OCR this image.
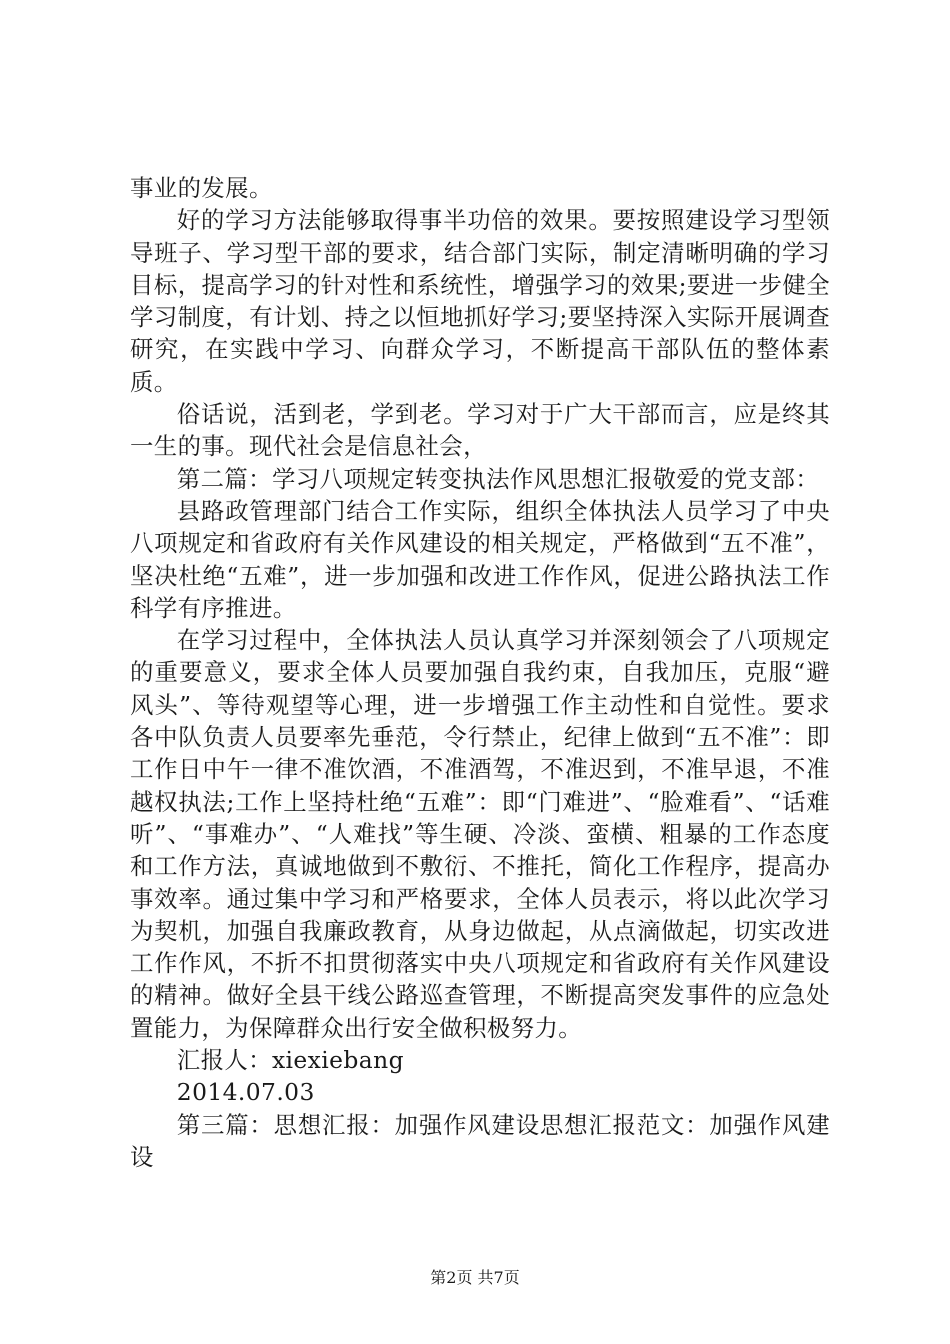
事业的发展。

好的学习方法能够取得事半功倍的效果。要按照建设学习型领导班子、学习型干部的要求，结合部门实际，制定清晰明确的学习目标，提高学习的针对性和系统性，增强学习的效果;要进一步健全学习制度，有计划、持之以恒地抓好学习;要坚持深入实际开展调查研究，在实践中学习、向群众学习，不断提高干部队伍的整体素质。

俗话说，活到老，学到老。学习对于广大干部而言，应是终其一生的事。现代社会是信息社会，

第二篇：学习八项规定转变执法作风思想汇报敬爱的党支部：

县路政管理部门结合工作实际，组织全体执法人员学习了中央八项规定和省政府有关作风建设的相关规定，严格做到“五不准”，坚决杜绝“五难”，进一步加强和改进工作作风，促进公路执法工作科学有序推进。

在学习过程中，全体执法人员认真学习并深刻领会了八项规定的重要意义，要求全体人员要加强自我约束，自我加压，克服“避风头”、等待观望等心理，进一步增强工作主动性和自觉性。要求各中队负责人员要率先垂范，令行禁止，纪律上做到“五不准”：即工作日中午一律不准饮酒，不准酒驾，不准迟到，不准早退，不准越权执法;工作上坚持杜绝“五难”：即“门难进”、“脸难看”、“话难听”、“事难办”、“人难找”等生硬、冷淡、蛮横、粗暴的工作态度和工作方法，真诚地做到不敷衍、不推托，简化工作程序，提高办事效率。通过集中学习和严格要求，全体人员表示，将以此次学习为契机，加强自我廉政教育，从身边做起，从点滴做起，切实改进工作作风，不折不扣贯彻落实中央八项规定和省政府有关作风建设的精神。做好全县干线公路巡查管理，不断提高突发事件的应急处置能力，为保障群众出行安全做积极努力。

汇报人：xiexiebang

2014.07.03

第三篇：思想汇报：加强作风建设思想汇报范文：加强作风建设

第2页 共7页
